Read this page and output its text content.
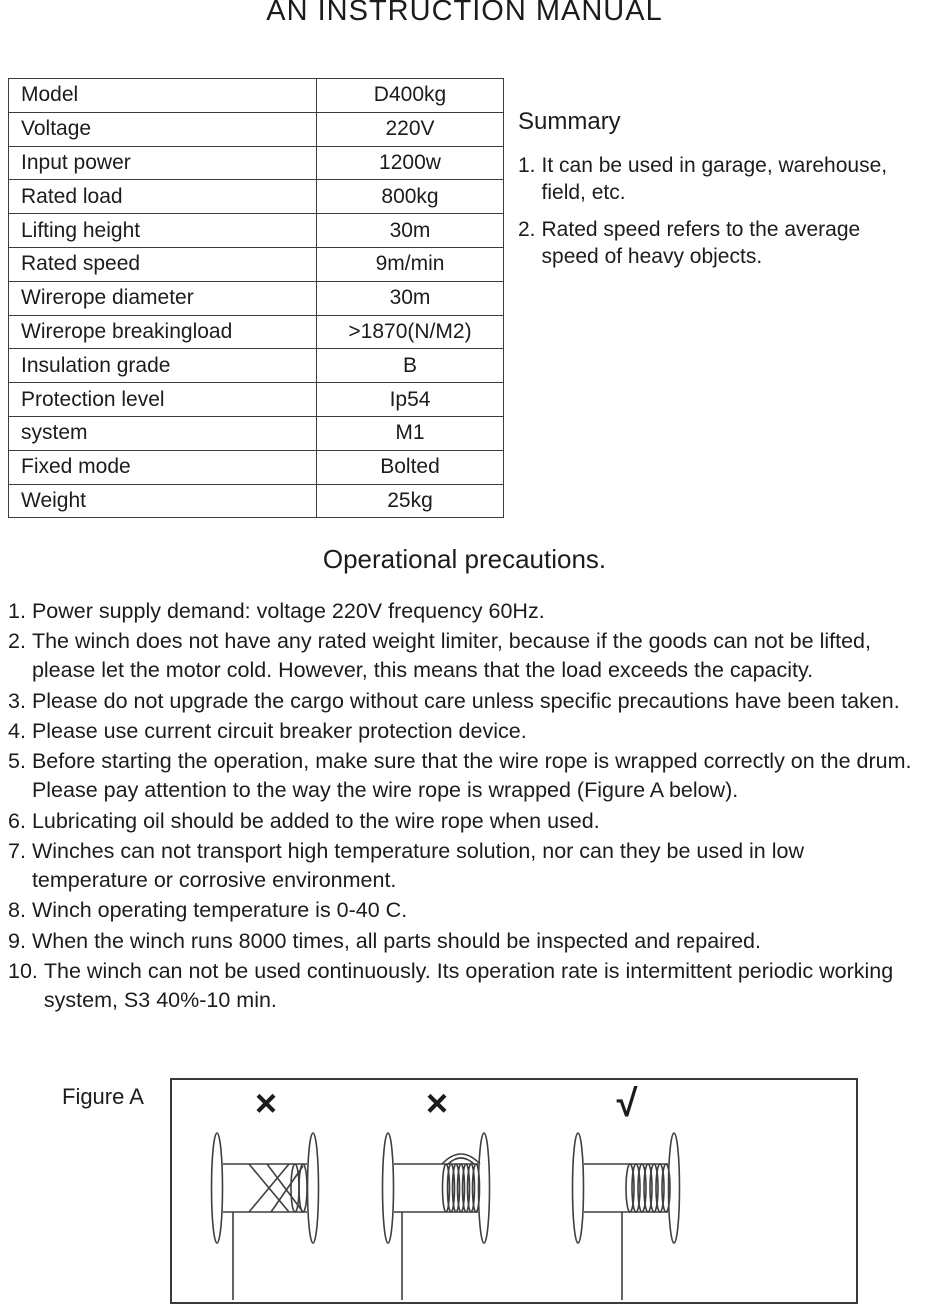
AN INSTRUCTION MANUAL
Model	D400kg
Voltage	220V
Input power	1200w
Rated load	800kg
Lifting height	30m
Rated speed	9m/min
Wirerope diameter	30m
Wirerope breakingload	>1870(N/M2)
Insulation grade	B
Protection level	Ip54
system	M1
Fixed mode	Bolted
Weight	25kg
Summary
1. It can be used in garage, warehouse, field, etc.
2. Rated speed refers to the average speed of heavy objects.
Operational precautions.
1. Power supply demand: voltage 220V frequency 60Hz.
2. The winch does not have any rated weight limiter, because if the goods can not be lifted, please let the motor cold. However, this means that the load exceeds the capacity.
3. Please do not upgrade the cargo without care unless specific precautions have been taken.
4. Please use current circuit breaker protection device.
5. Before starting the operation, make sure that the wire rope is wrapped correctly on the drum. Please pay attention to the way the wire rope is wrapped (Figure A below).
6. Lubricating oil should be added to the wire rope when used.
7. Winches can not transport high temperature solution, nor can they be used in low temperature or corrosive environment.
8. Winch operating temperature is 0-40 C.
9. When the winch runs 8000 times, all parts should be inspected and repaired.
10. The winch can not be used continuously. Its operation rate is intermittent periodic working system, S3 40%-10 min.
Figure A	×	×	√
